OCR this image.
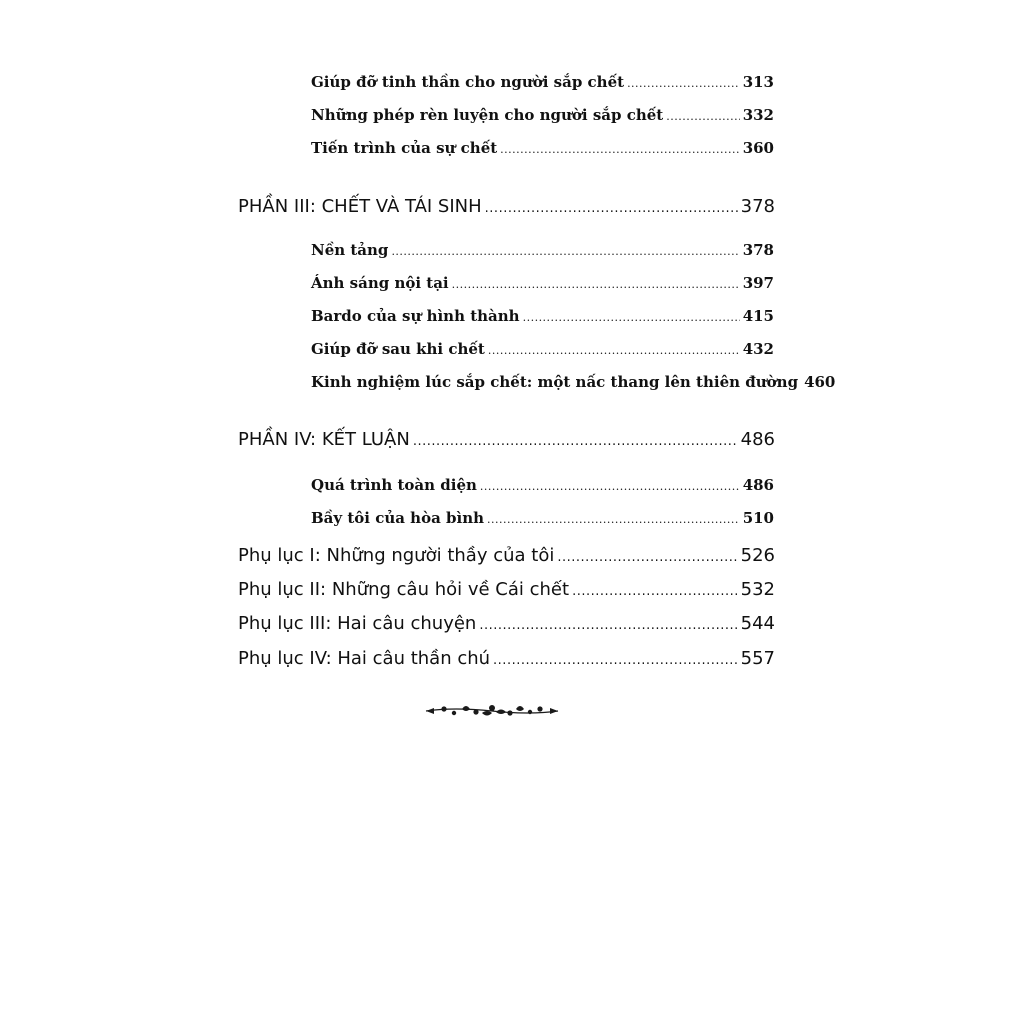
Giúp đỡ tinh thần cho người sắp chết .....	313
Những phép rèn luyện cho người sắp chết .....	332
Tiến trình của sự chết .....	360
PHẦN III: CHẾT VÀ TÁI SINH .....	378
Nền tảng .....	378
Ánh sáng nội tại .....	397
Bardo của sự hình thành .....	415
Giúp đỡ sau khi chết .....	432
Kinh nghiệm lúc sắp chết: một nấc thang lên thiên đường 460
PHẦN IV: KẾT LUẬN .....	486
Quá trình toàn diện .....	486
Bầy tôi của hòa bình .....	510
Phụ lục I: Những người thầy của tôi .....	526
Phụ lục II: Những câu hỏi về Cái chết .....	532
Phụ lục III: Hai câu chuyện .....	544
Phụ lục IV: Hai câu thần chú .....	557
